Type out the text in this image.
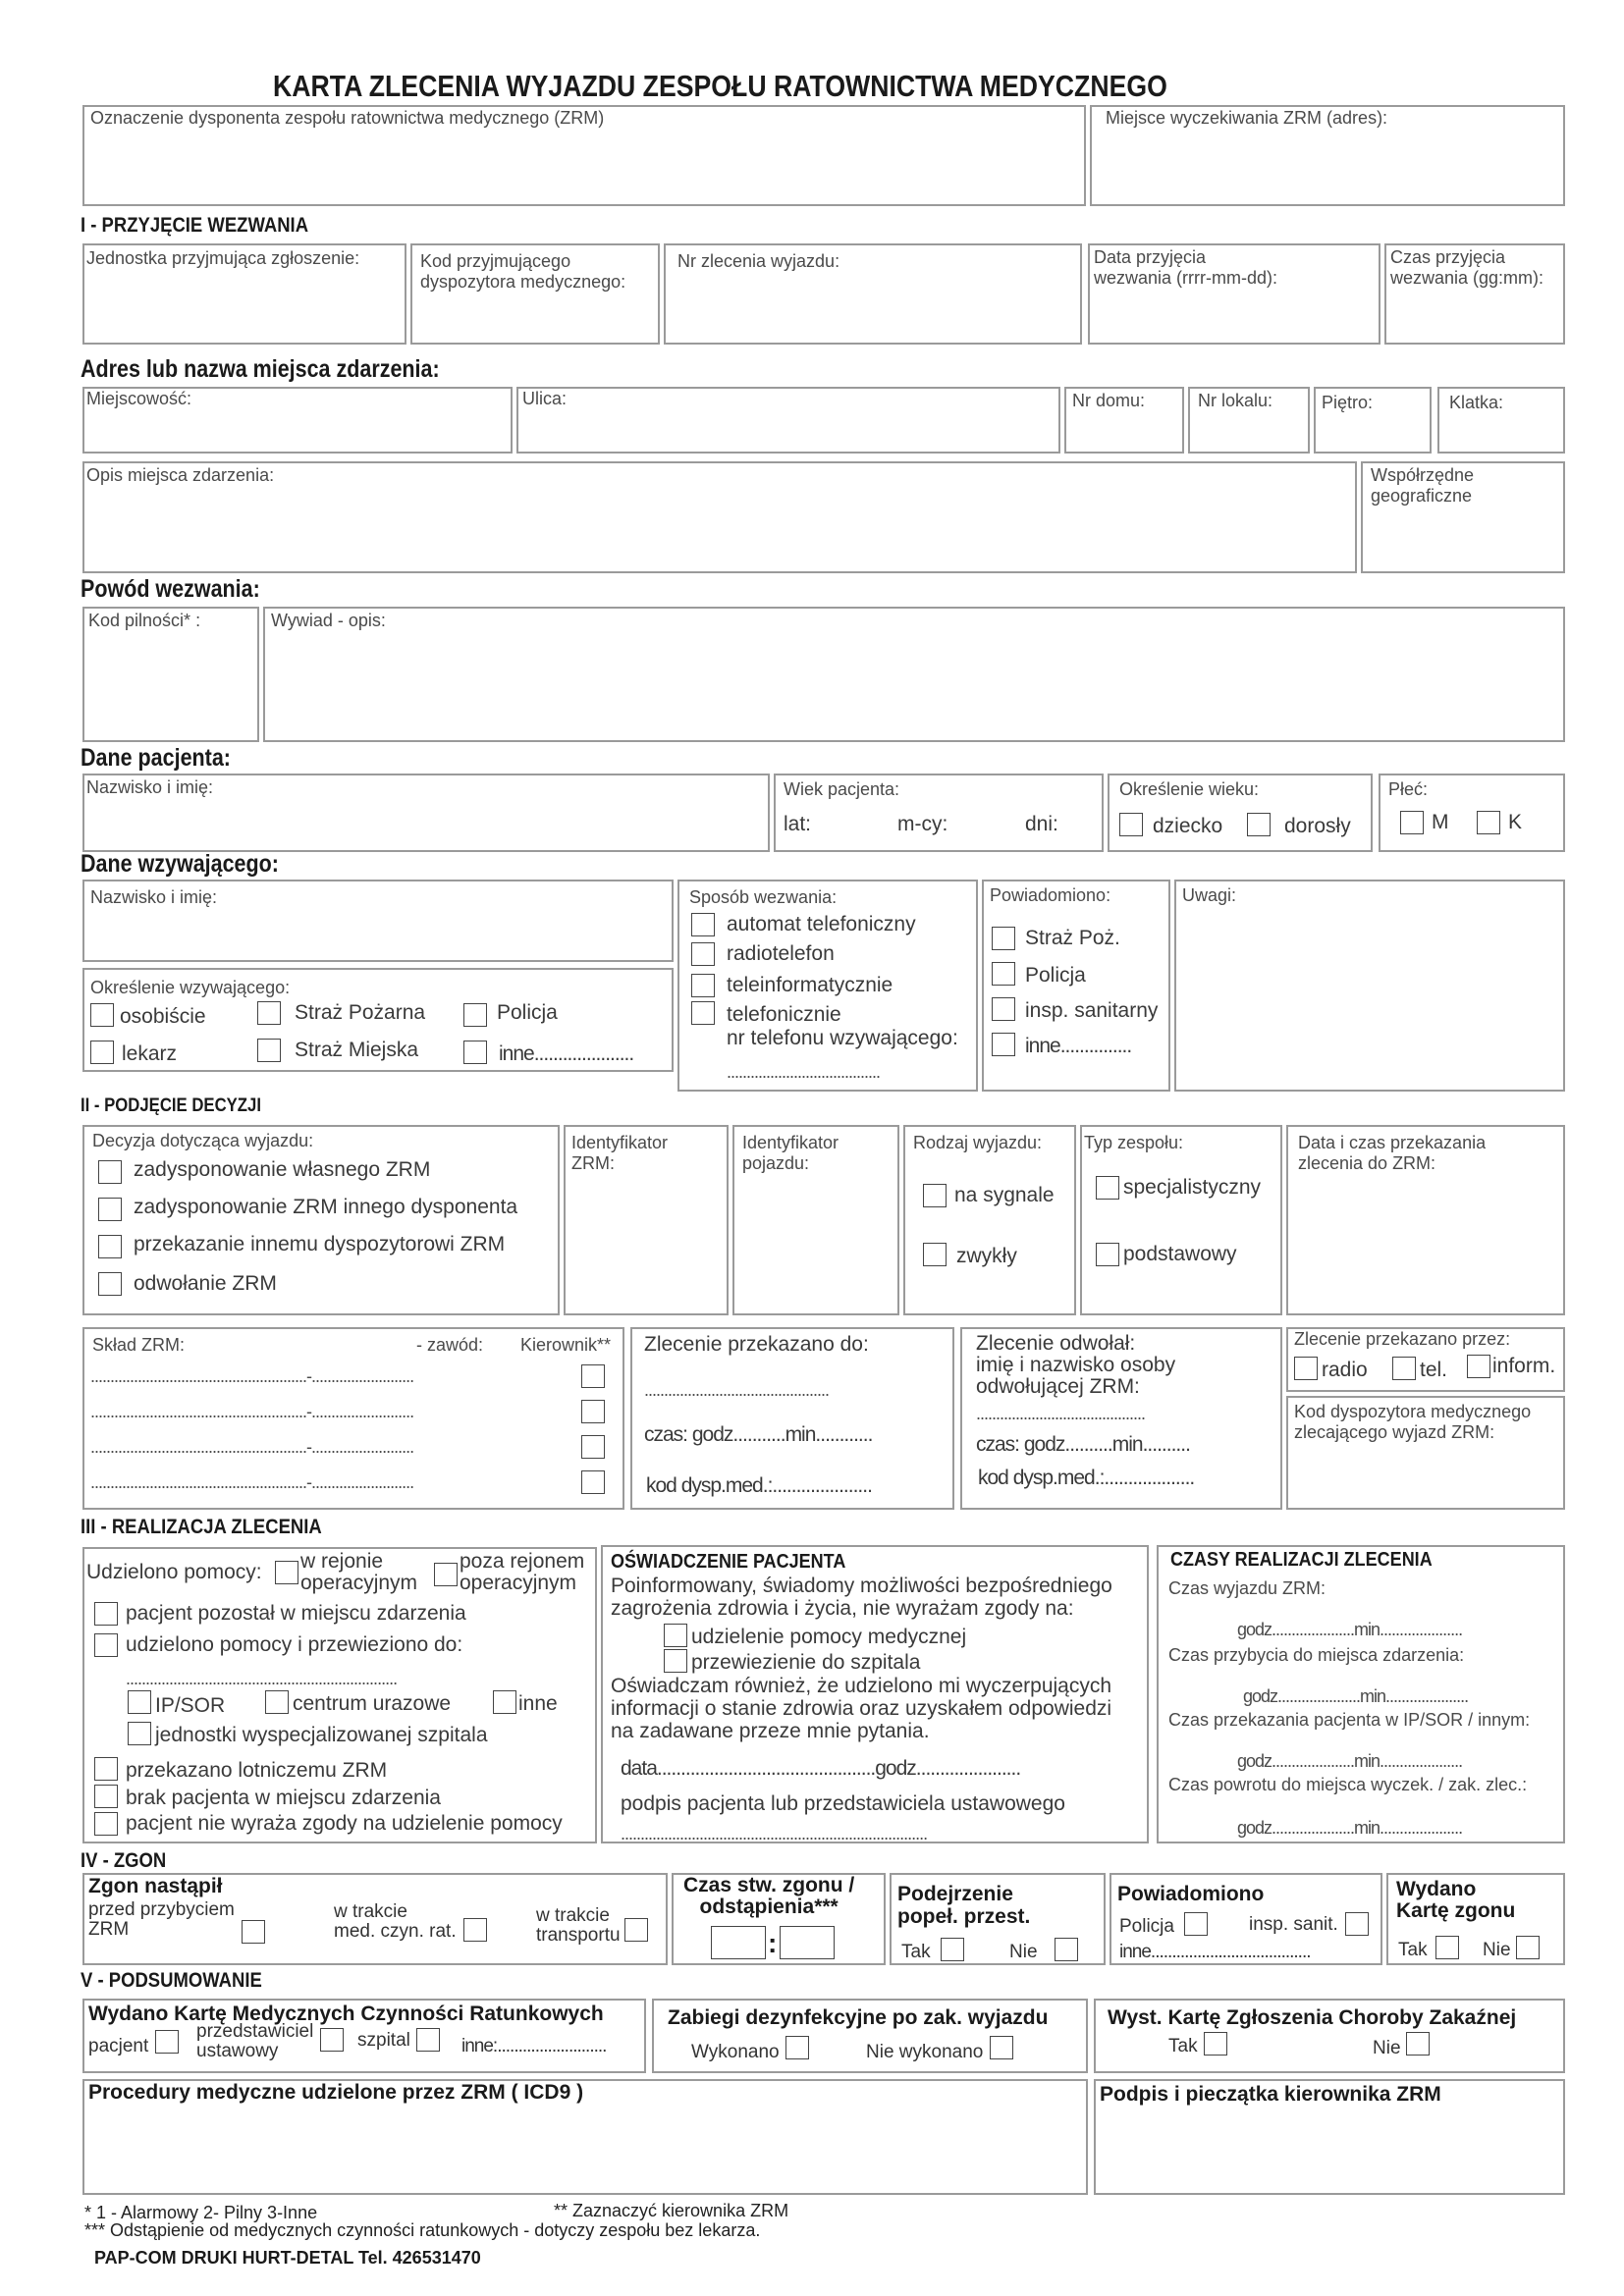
KARTA ZLECENIA WYJAZDU ZESPOŁU RATOWNICTWA MEDYCZNEGO
Oznaczenie dysponenta zespołu ratownictwa medycznego (ZRM)	Miejsce wyczekiwania ZRM (adres):
I - PRZYJĘCIE WEZWANIA
Jednostka przyjmująca zgłoszenie:	Kod przyjmującego
dyspozytora medycznego:
Nr zlecenia wyjazdu:	Data przyjęcia
wezwania (rrrr-mm-dd):
Czas przyjęcia
wezwania (gg:mm):
Adres lub nazwa miejsca zdarzenia:
Miejscowość:	Ulica:	Nr domu:	Nr lokalu:	Piętro:	Klatka:
Opis miejsca zdarzenia:	Współrzędne
geograficzne
Powód wezwania:
Kod pilności* :	Wywiad - opis:
Dane pacjenta:
Nazwisko i imię:	Wiek pacjenta:
lat:	m-cy:	dni:
Określenie wieku:
dziecko	dorosły
Płeć:
M	K
Dane wzywającego:
Nazwisko i imię:
Określenie wzywającego:
osobiście
lekarz
Straż Pożarna
Straż Miejska
Policja
inne.....................
Sposób wezwania:
automat telefoniczny
radiotelefon
teleinformatycznie
telefonicznie
nr telefonu wzywającego:
.......................................
Powiadomiono:
Straż Poż.
Policja
insp. sanitarny
inne...............
Uwagi:
II - PODJĘCIE DECYZJI
Decyzja dotycząca wyjazdu:
zadysponowanie własnego ZRM
zadysponowanie ZRM innego dysponenta
przekazanie innemu dyspozytorowi ZRM
odwołanie ZRM
Identyfikator
ZRM:
Identyfikator
pojazdu:
Rodzaj wyjazdu:
na sygnale
zwykły
Typ zespołu:
specjalistyczny
podstawowy
Data i czas przekazania
zlecenia do ZRM:
Skład ZRM:	- zawód: Kierownik**
.......................................................-..........................
.......................................................-..........................
.......................................................-..........................
.......................................................-..........................
Zlecenie przekazano do:
...............................................
czas: godz...........min............
kod dysp.med.:.....................
Zlecenie odwołał:
imię i nazwisko osoby
odwołującej ZRM:
...........................................
czas: godz..........min..........
kod dysp.med.:...................
Zlecenie przekazano przez:
radio	tel. inform.
Kod dyspozytora medycznego
zlecającego wyjazd ZRM:
III - REALIZACJA ZLECENIA
Udzielono pomocy: w rejonie
operacyjnym
poza rejonem
operacyjnym
pacjent pozostał w miejscu zdarzenia
udzielono pomocy i przewieziono do:
.....................................................................
IP/SOR	centrum urazowe	inne
jednostki wyspecjalizowanej szpitala
przekazano lotniczemu ZRM
brak pacjenta w miejscu zdarzenia
pacjent nie wyraża zgody na udzielenie pomocy
OŚWIADCZENIE PACJENTA
Poinformowany, świadomy możliwości bezpośredniego
zagrożenia zdrowia i życia, nie wyrażam zgody na:
udzielenie pomocy medycznej
przewiezienie do szpitala
Oświadczam również, że udzielono mi wyczerpujących
informacji o stanie zdrowia oraz uzyskałem odpowiedzi
na zadawane przeze mnie pytania.
data..............................................godz......................
podpis pacjenta lub przedstawiciela ustawowego
..............................................................................
CZASY REALIZACJI ZLECENIA
Czas wyjazdu ZRM:
godz.....................min.....................
Czas przybycia do miejsca zdarzenia:
godz.....................min.....................
Czas przekazania pacjenta w IP/SOR / innym:
godz.....................min.....................
Czas powrotu do miejsca wyczek. / zak. zlec.:
godz.....................min.....................
IV - ZGON
Zgon nastąpił
przed przybyciem
ZRM
w trakcie
med. czyn. rat.
w trakcie
transportu
Czas stw. zgonu /
odstąpienia***
:
Podejrzenie
popeł. przest.
Tak	Nie
Powiadomiono
Policja	insp. sanit.
inne......................................
Wydano
Kartę zgonu
Tak	Nie
V - PODSUMOWANIE
Wydano Kartę Medycznych Czynności Ratunkowych
pacjent
przedstawiciel
ustawowy
szpital	inne:..........................
Zabiegi dezynfekcyjne po zak. wyjazdu
Wykonano	Nie wykonano
Wyst. Kartę Zgłoszenia Choroby Zakaźnej
Tak	Nie
Procedury medyczne udzielone przez ZRM ( ICD9 )	Podpis i pieczątka kierownika ZRM
* 1 - Alarmowy 2- Pilny 3-Inne	** Zaznaczyć kierownika ZRM
*** Odstąpienie od medycznych czynności ratunkowych - dotyczy zespołu bez lekarza.
PAP-COM DRUKI HURT-DETAL Tel. 426531470
